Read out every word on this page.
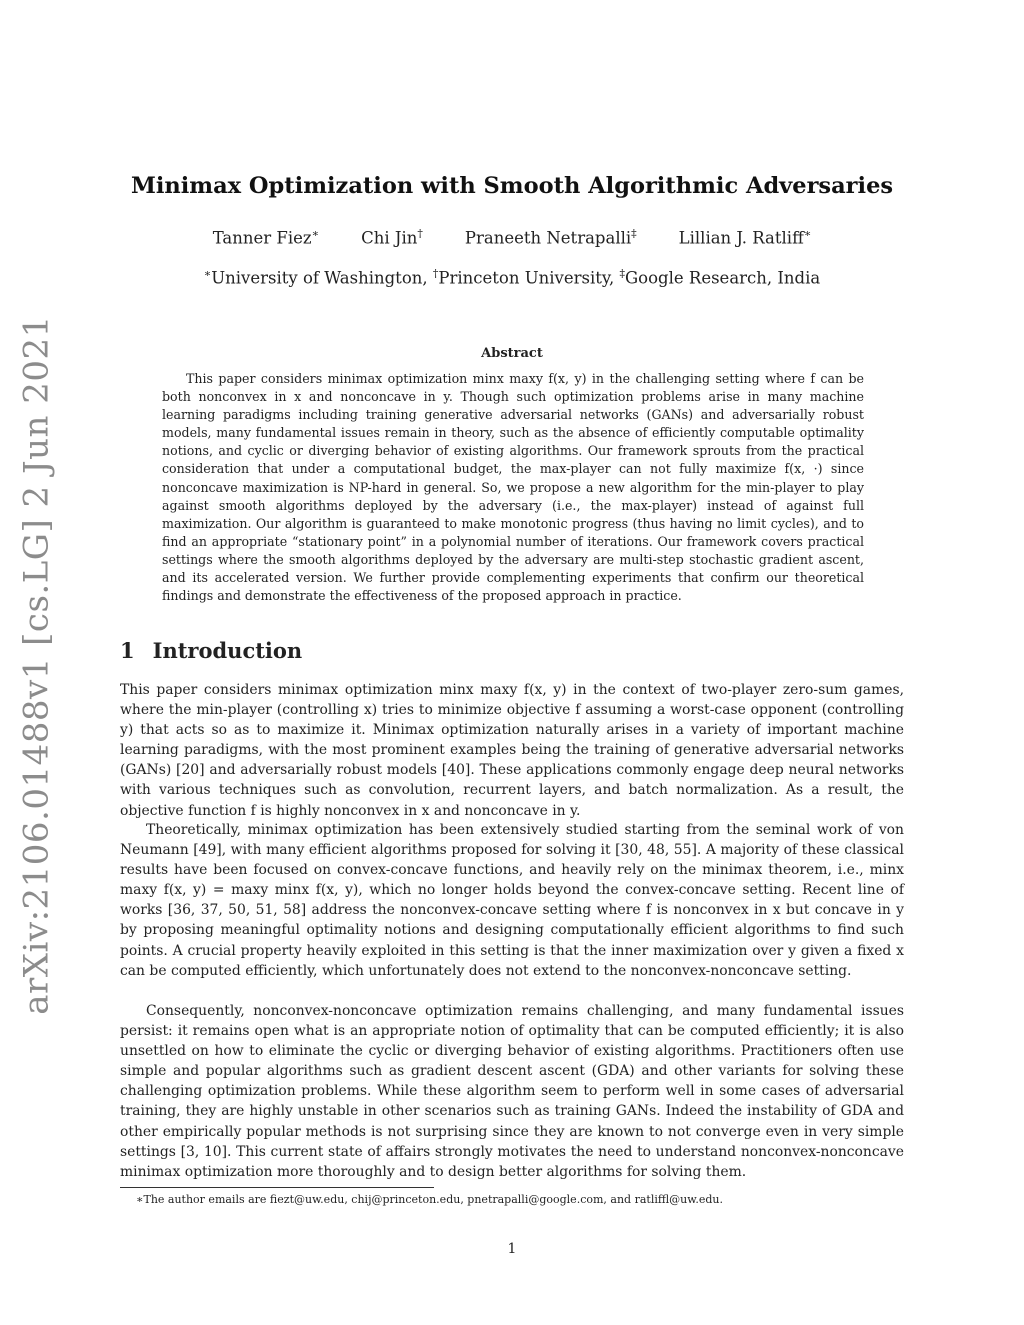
arXiv:2106.01488v1 [cs.LG] 2 Jun 2021
Minimax Optimization with Smooth Algorithmic Adversaries
Tanner Fiez∗	Chi Jin†	Praneeth Netrapalli‡	Lillian J. Ratliff∗
∗University of Washington, †Princeton University, ‡Google Research, India
Abstract

This paper considers minimax optimization minx maxy f(x, y) in the challenging setting where f can be both nonconvex in x and nonconcave in y. Though such optimization problems arise in many machine learning paradigms including training generative adversarial networks (GANs) and adversarially robust models, many fundamental issues remain in theory, such as the absence of efficiently computable optimality notions, and cyclic or diverging behavior of existing algorithms. Our framework sprouts from the practical consideration that under a computational budget, the max-player can not fully maximize f(x, ·) since nonconcave maximization is NP-hard in general. So, we propose a new algorithm for the min-player to play against smooth algorithms deployed by the adversary (i.e., the max-player) instead of against full maximization. Our algorithm is guaranteed to make monotonic progress (thus having no limit cycles), and to find an appropriate “stationary point” in a polynomial number of iterations. Our framework covers practical settings where the smooth algorithms deployed by the adversary are multi-step stochastic gradient ascent, and its accelerated version. We further provide complementing experiments that confirm our theoretical findings and demonstrate the effectiveness of the proposed approach in practice.

1 Introduction

This paper considers minimax optimization minx maxy f(x, y) in the context of two-player zero-sum games, where the min-player (controlling x) tries to minimize objective f assuming a worst-case opponent (controlling y) that acts so as to maximize it. Minimax optimization naturally arises in a variety of important machine learning paradigms, with the most prominent examples being the training of generative adversarial networks (GANs) [20] and adversarially robust models [40]. These applications commonly engage deep neural networks with various techniques such as convolution, recurrent layers, and batch normalization. As a result, the objective function f is highly nonconvex in x and nonconcave in y.

Theoretically, minimax optimization has been extensively studied starting from the seminal work of von Neumann [49], with many efficient algorithms proposed for solving it [30, 48, 55]. A majority of these classical results have been focused on convex-concave functions, and heavily rely on the minimax theorem, i.e., minx maxy f(x, y) = maxy minx f(x, y), which no longer holds beyond the convex-concave setting. Recent line of works [36, 37, 50, 51, 58] address the nonconvex-concave setting where f is nonconvex in x but concave in y by proposing meaningful optimality notions and designing computationally efficient algorithms to find such points. A crucial property heavily exploited in this setting is that the inner maximization over y given a fixed x can be computed efficiently, which unfortunately does not extend to the nonconvex-nonconcave setting.

Consequently, nonconvex-nonconcave optimization remains challenging, and many fundamental issues persist: it remains open what is an appropriate notion of optimality that can be computed efficiently; it is also unsettled on how to eliminate the cyclic or diverging behavior of existing algorithms. Practitioners often use simple and popular algorithms such as gradient descent ascent (GDA) and other variants for solving these challenging optimization problems. While these algorithm seem to perform well in some cases of adversarial training, they are highly unstable in other scenarios such as training GANs. Indeed the instability of GDA and other empirically popular methods is not surprising since they are known to not converge even in very simple settings [3, 10]. This current state of affairs strongly motivates the need to understand nonconvex-nonconcave minimax optimization more thoroughly and to design better algorithms for solving them.

∗The author emails are fiezt@uw.edu, chij@princeton.edu, pnetrapalli@google.com, and ratliffl@uw.edu.

1
